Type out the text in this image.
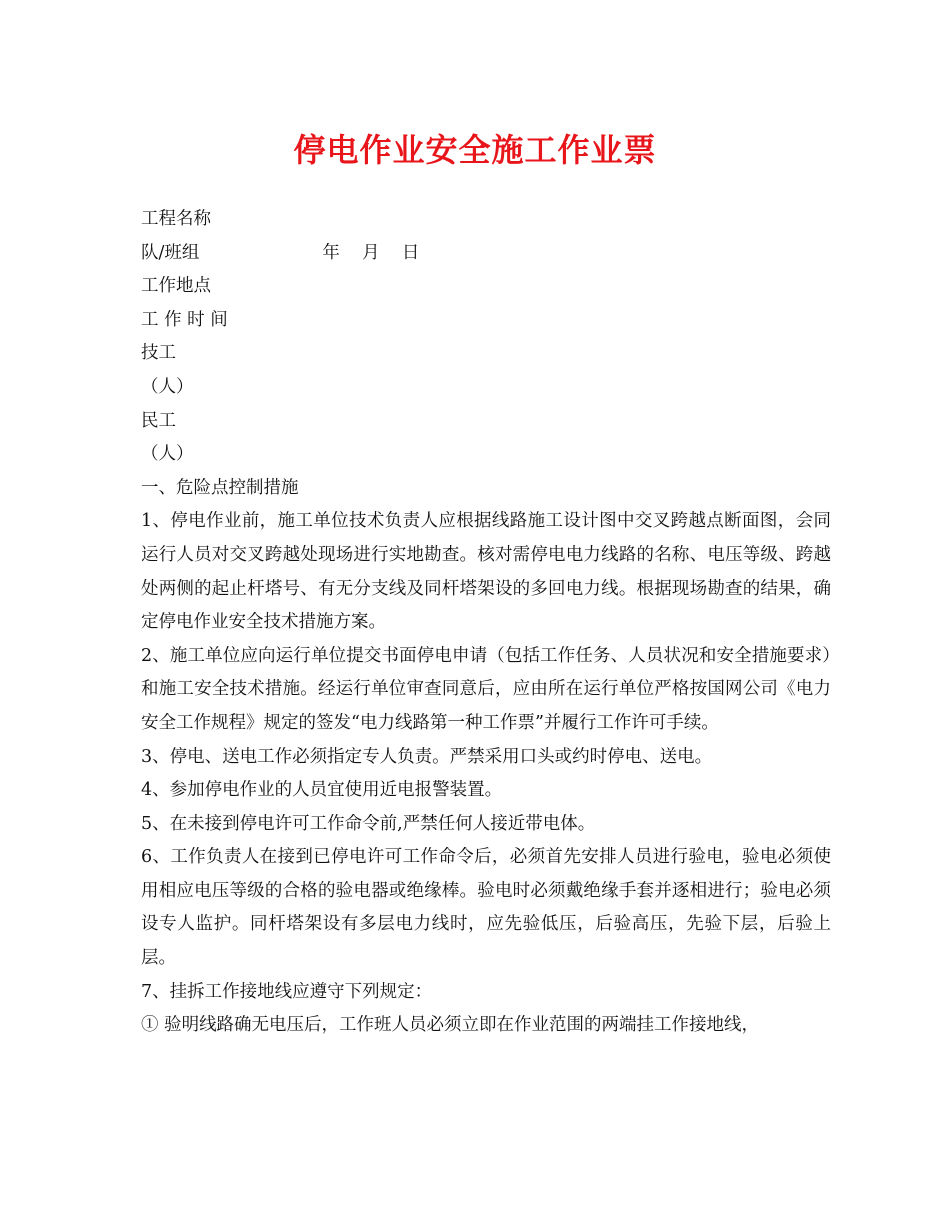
停电作业安全施工作业票
工程名称
队/班组	年    月    日
工作地点
工 作 时 间
技工
（人）
民工
（人）
一、危险点控制措施
1、停电作业前，施工单位技术负责人应根据线路施工设计图中交叉跨越点断面图，会同运行人员对交叉跨越处现场进行实地勘查。核对需停电电力线路的名称、电压等级、跨越处两侧的起止杆塔号、有无分支线及同杆塔架设的多回电力线。根据现场勘查的结果，确定停电作业安全技术措施方案。
2、施工单位应向运行单位提交书面停电申请（包括工作任务、人员状况和安全措施要求）和施工安全技术措施。经运行单位审查同意后，应由所在运行单位严格按国网公司《电力安全工作规程》规定的签发“电力线路第一种工作票”并履行工作许可手续。
3、停电、送电工作必须指定专人负责。严禁采用口头或约时停电、送电。
4、参加停电作业的人员宜使用近电报警装置。
5、在未接到停电许可工作命令前,严禁任何人接近带电体。
6、工作负责人在接到已停电许可工作命令后，必须首先安排人员进行验电，验电必须使用相应电压等级的合格的验电器或绝缘棒。验电时必须戴绝缘手套并逐相进行；验电必须设专人监护。同杆塔架设有多层电力线时，应先验低压，后验高压，先验下层，后验上层。
7、挂拆工作接地线应遵守下列规定：
① 验明线路确无电压后，工作班人员必须立即在作业范围的两端挂工作接地线，
